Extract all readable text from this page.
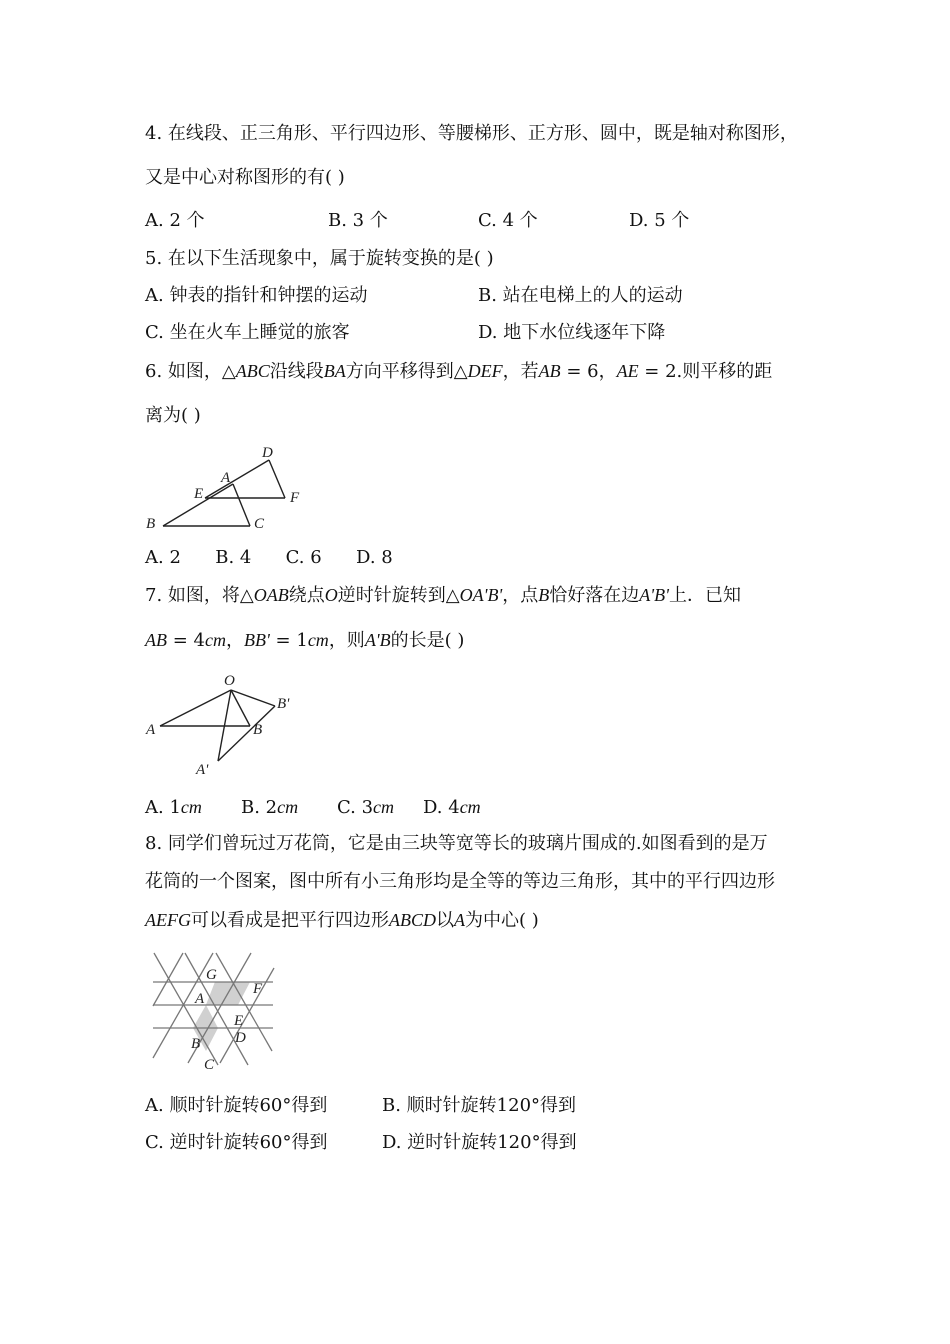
4. 在线段、正三角形、平行四边形、等腰梯形、正方形、圆中，既是轴对称图形，
又是中心对称图形的有( )
A. 2 个	B. 3 个	C. 4 个	D. 5 个
5. 在以下生活现象中，属于旋转变换的是( )
A. 钟表的指针和钟摆的运动	B. 站在电梯上的人的运动
C. 坐在火车上睡觉的旅客	D. 地下水位线逐年下降
6. 如图，△ABC沿线段BA方向平移得到△DEF，若AB = 6，AE = 2.则平移的距
离为( )
D
A
E	F
B	C
A. 2      B. 4      C. 6      D. 8
7. 如图，将△OAB绕点O逆时针旋转到△OA'B'，点B恰好落在边A'B'上．已知
AB = 4cm，BB' = 1cm，则A'B的长是( )
O
B'
A	B
A'
A. 1cm B. 2cm C. 3cm D. 4cm
8. 同学们曾玩过万花筒，它是由三块等宽等长的玻璃片围成的.如图看到的是万
花筒的一个图案，图中所有小三角形均是全等的等边三角形，其中的平行四边形
AEFG可以看成是把平行四边形ABCD以A为中心( )
G
F
A
E
B D
C
A. 顺时针旋转60°得到	B. 顺时针旋转120°得到
C. 逆时针旋转60°得到	D. 逆时针旋转120°得到
